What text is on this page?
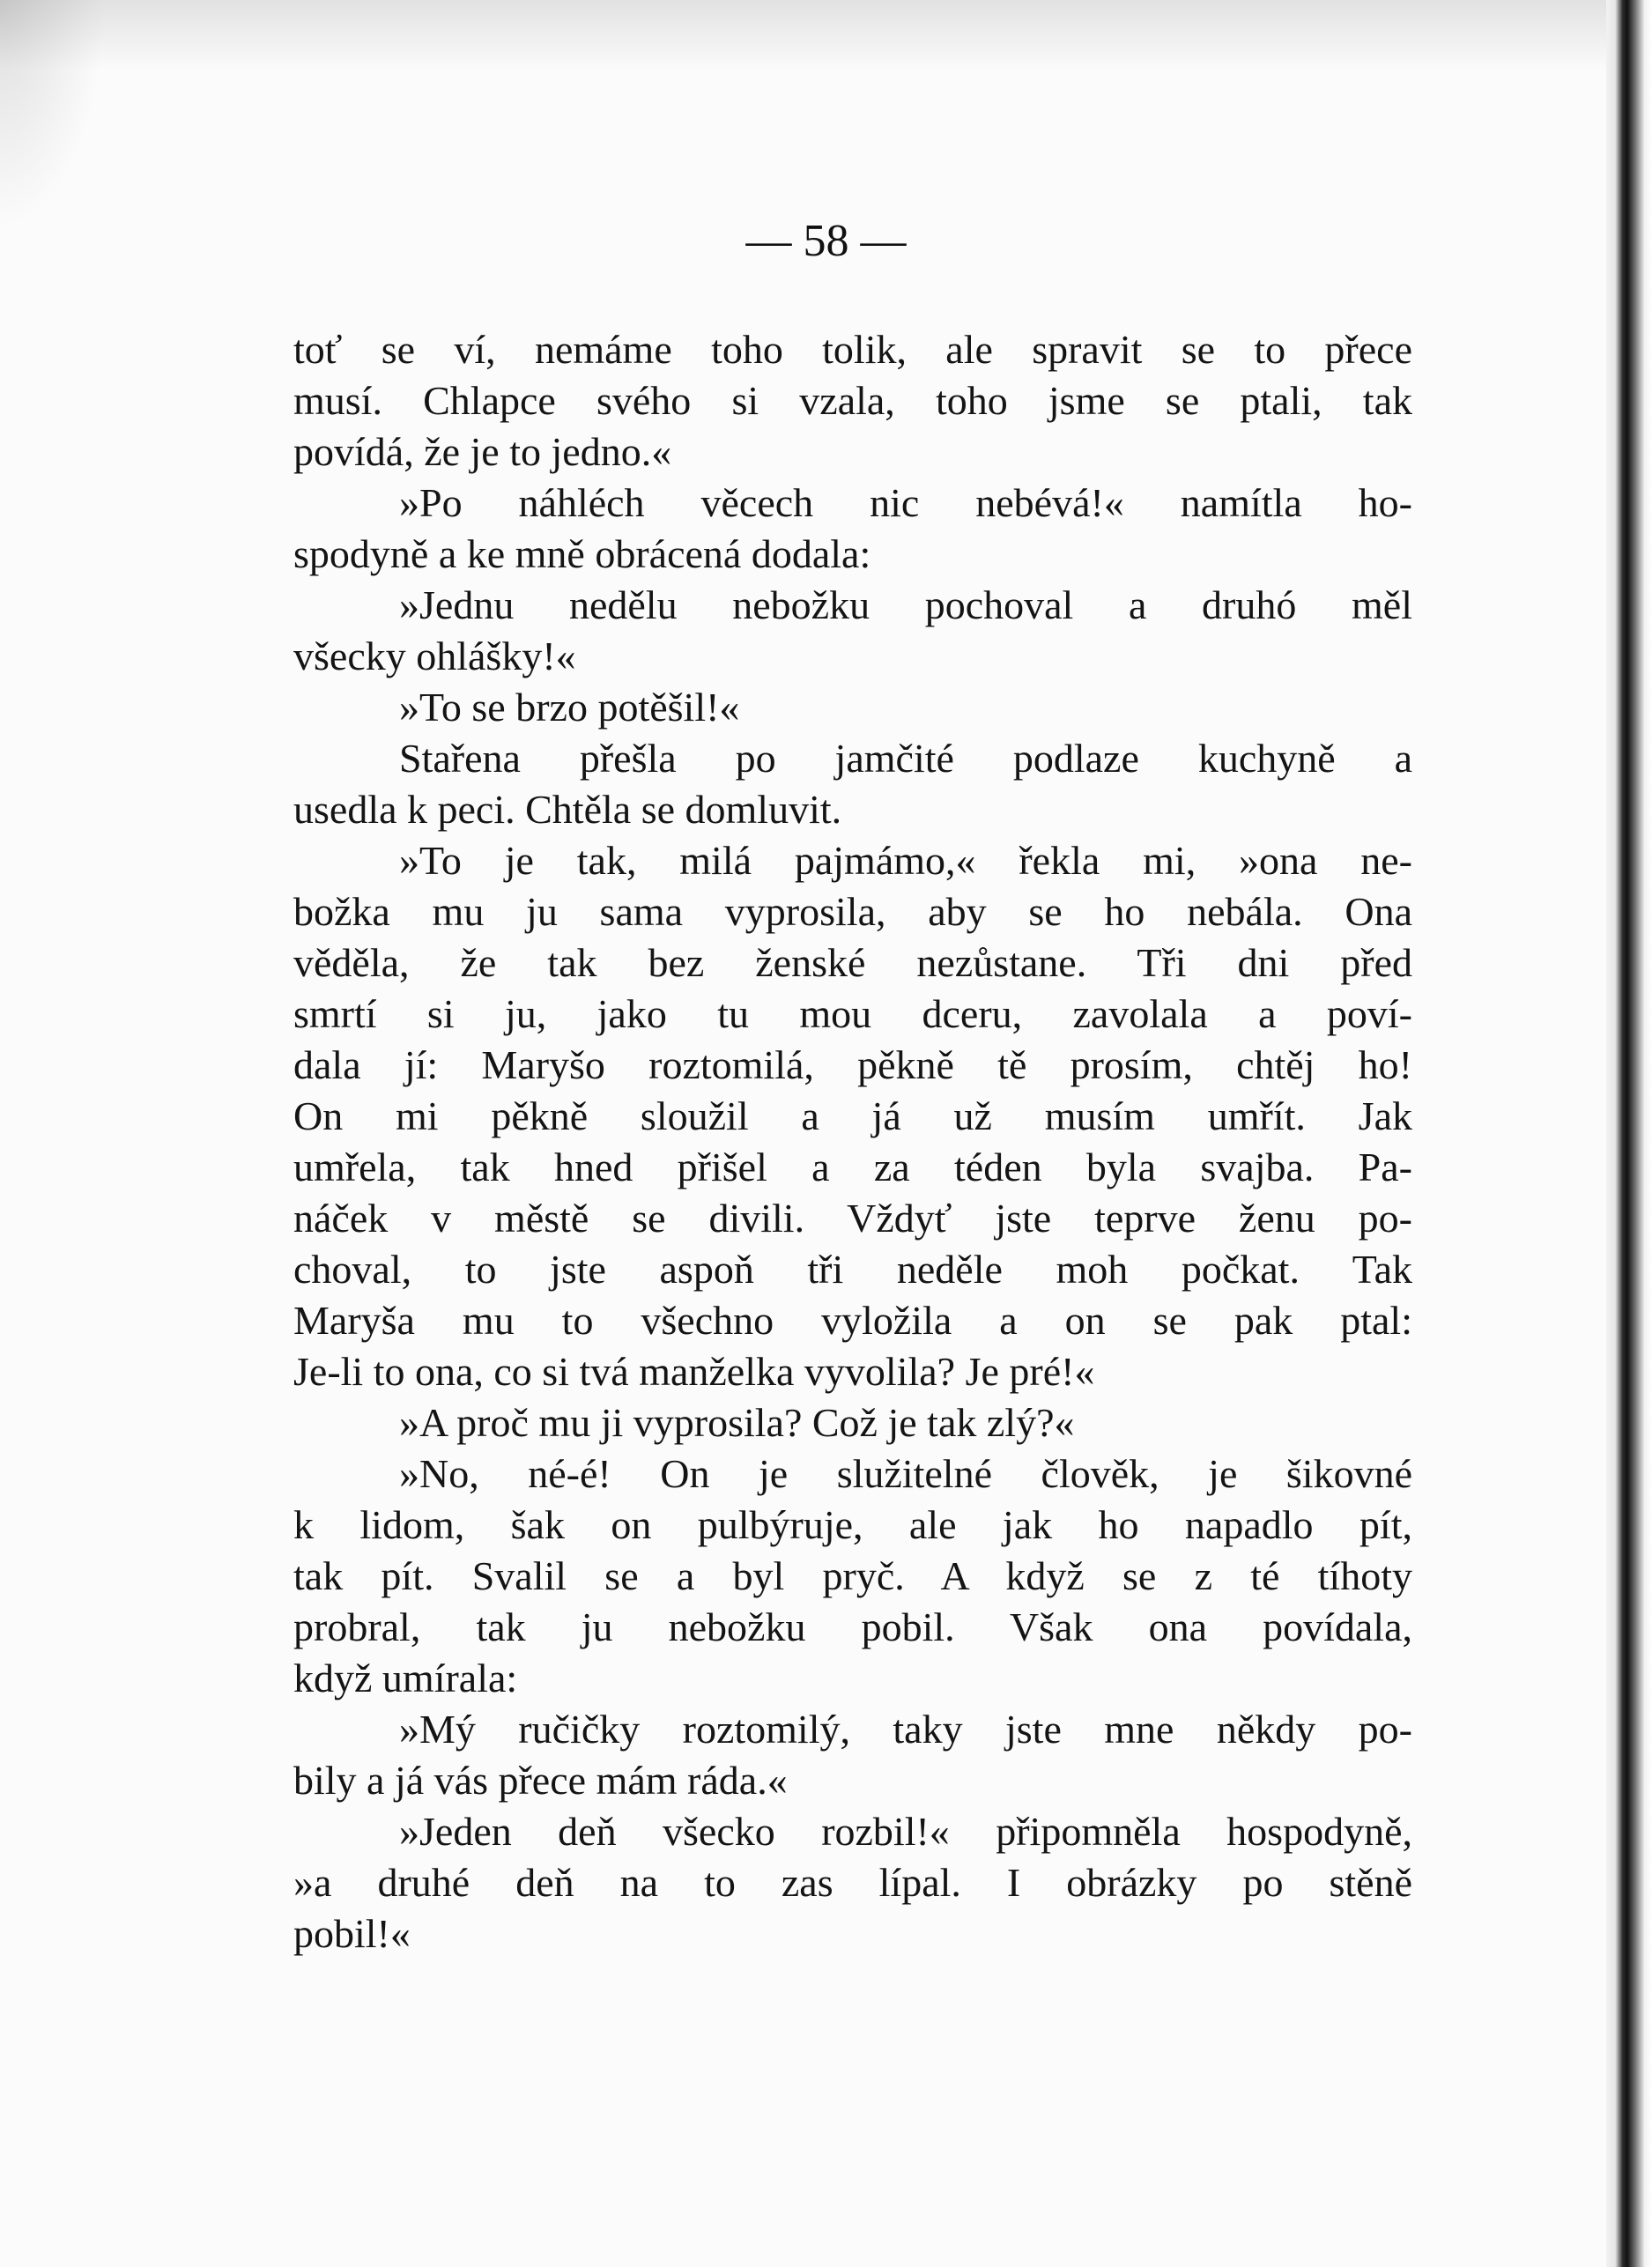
— 58 —
toť se ví, nemáme toho tolik, ale spravit se to přece
musí. Chlapce svého si vzala, toho jsme se ptali, tak
povídá, že je to jedno.«
»Po náhléch věcech nic nebévá!« namítla ho-
spodyně a ke mně obrácená dodala:
»Jednu nedělu nebožku pochoval a druhó měl
všecky ohlášky!«
»To se brzo potěšil!«
Stařena přešla po jamčité podlaze kuchyně a
usedla k peci. Chtěla se domluvit.
»To je tak, milá pajmámo,« řekla mi, »ona ne-
božka mu ju sama vyprosila, aby se ho nebála. Ona
věděla, že tak bez ženské nezůstane. Tři dni před
smrtí si ju, jako tu mou dceru, zavolala a poví-
dala jí: Maryšo roztomilá, pěkně tě prosím, chtěj ho!
On mi pěkně sloužil a já už musím umřít. Jak
umřela, tak hned přišel a za téden byla svajba. Pa-
náček v městě se divili. Vždyť jste teprve ženu po-
choval, to jste aspoň tři neděle moh počkat. Tak
Maryša mu to všechno vyložila a on se pak ptal:
Je-li to ona, co si tvá manželka vyvolila? Je pré!«
»A proč mu ji vyprosila? Což je tak zlý?«
»No, né-é! On je služitelné člověk, je šikovné
k lidom, šak on pulbýruje, ale jak ho napadlo pít,
tak pít. Svalil se a byl pryč. A když se z té tíhoty
probral, tak ju nebožku pobil. Však ona povídala,
když umírala:
»Mý ručičky roztomilý, taky jste mne někdy po-
bily a já vás přece mám ráda.«
»Jeden deň všecko rozbil!« připomněla hospodyně,
»a druhé deň na to zas lípal. I obrázky po stěně
pobil!«
